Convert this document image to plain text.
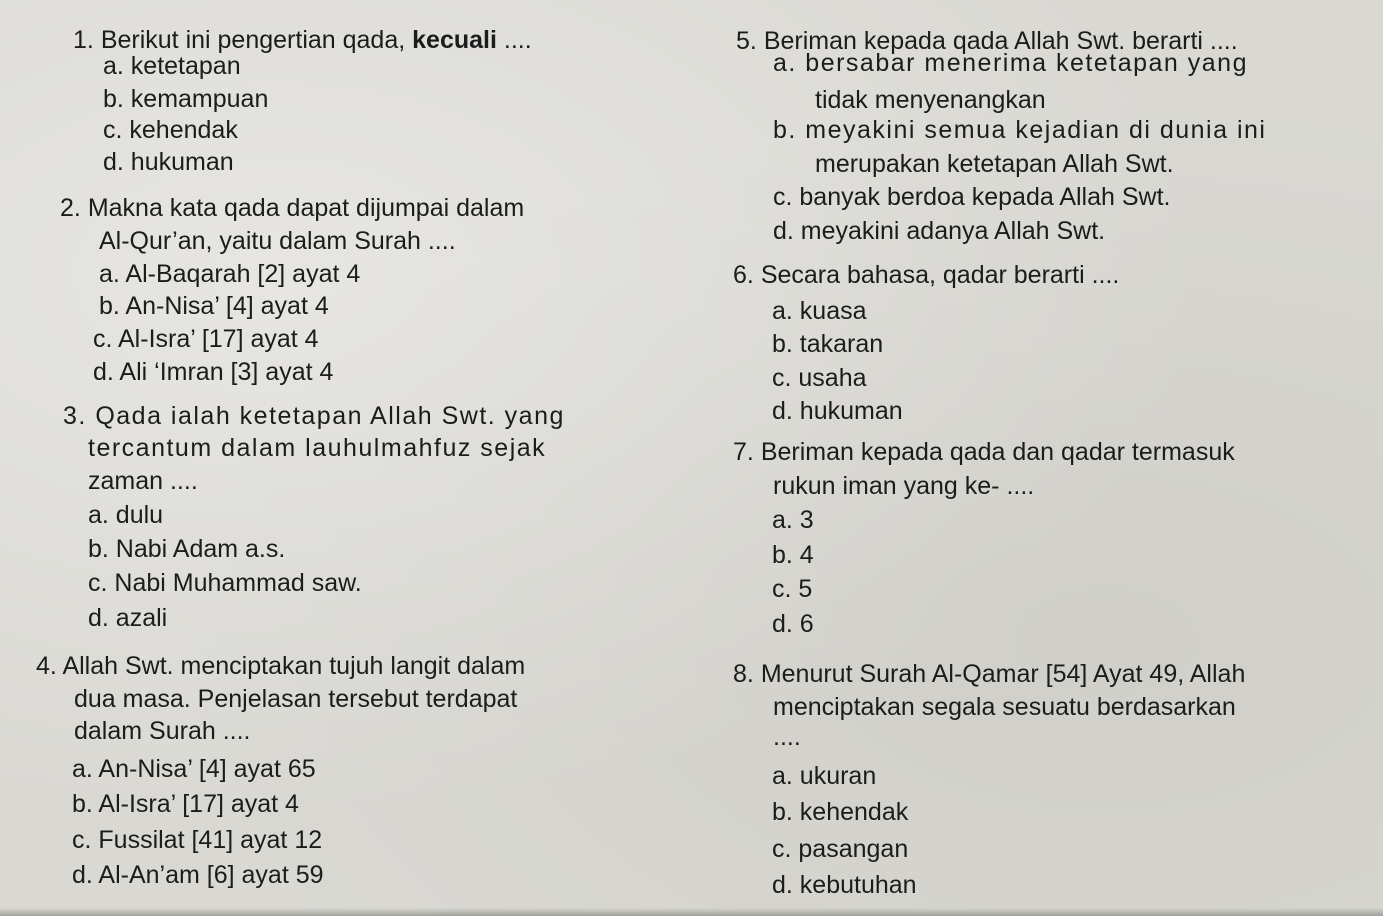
1. Berikut ini pengertian qada, kecuali ....
a. ketetapan
b. kemampuan
c. kehendak
d. hukuman
2. Makna kata qada dapat dijumpai dalam
Al-Qur’an, yaitu dalam Surah ....
a. Al-Baqarah [2] ayat 4
b. An-Nisa’ [4] ayat 4
c. Al-Isra’ [17] ayat 4
d. Ali ‘Imran [3] ayat 4
3. Qada ialah ketetapan Allah Swt. yang
tercantum dalam lauhulmahfuz sejak
zaman ....
a. dulu
b. Nabi Adam a.s.
c. Nabi Muhammad saw.
d. azali
4. Allah Swt. menciptakan tujuh langit dalam
dua masa. Penjelasan tersebut terdapat
dalam Surah ....
a. An-Nisa’ [4] ayat 65
b. Al-Isra’ [17] ayat 4
c. Fussilat [41] ayat 12
d. Al-An’am [6] ayat 59
5. Beriman kepada qada Allah Swt. berarti ....
a. bersabar menerima ketetapan yang
tidak menyenangkan
b. meyakini semua kejadian di dunia ini
merupakan ketetapan Allah Swt.
c. banyak berdoa kepada Allah Swt.
d. meyakini adanya Allah Swt.
6. Secara bahasa, qadar berarti ....
a. kuasa
b. takaran
c. usaha
d. hukuman
7. Beriman kepada qada dan qadar termasuk
rukun iman yang ke- ....
a. 3
b. 4
c. 5
d. 6
8. Menurut Surah Al-Qamar [54] Ayat 49, Allah
menciptakan segala sesuatu berdasarkan
....
a. ukuran
b. kehendak
c. pasangan
d. kebutuhan
